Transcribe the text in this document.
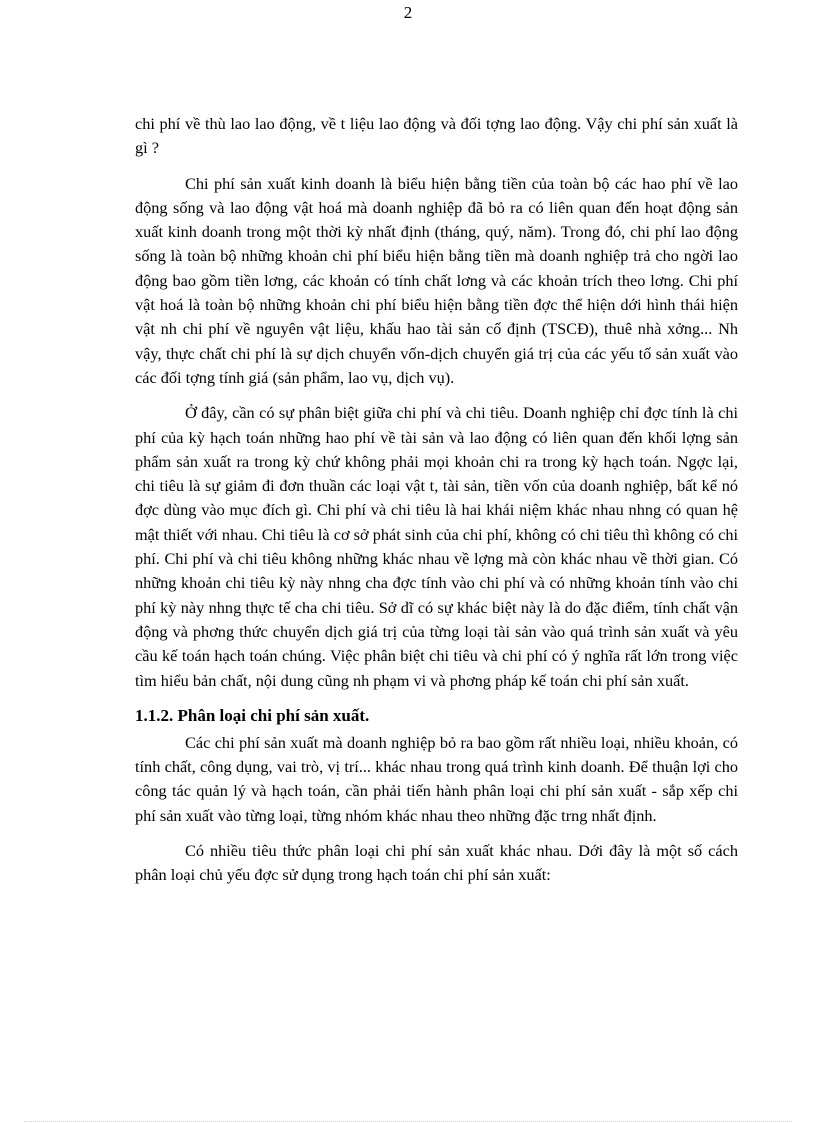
2

chi phí về thù lao lao động, về t liệu lao động và đối tợng lao động. Vậy chi phí sản xuất là gì ?

Chi phí sản xuất kinh doanh là biểu hiện bằng tiền của toàn bộ các hao phí về lao động sống và lao động vật hoá mà doanh nghiệp đã bỏ ra có liên quan đến hoạt động sản xuất kinh doanh trong một thời kỳ nhất định (tháng, quý, năm). Trong đó, chi phí lao động sống là toàn bộ những khoản chi phí biểu hiện bằng tiền mà doanh nghiệp trả cho ngời lao động bao gồm tiền lơng, các khoản có tính chất lơng và các khoản trích theo lơng. Chi phí vật hoá là toàn bộ những khoản chi phí biểu hiện bằng tiền đợc thể hiện dới hình thái hiện vật nh chi phí về nguyên vật liệu, khấu hao tài sản cố định (TSCĐ), thuê nhà xởng... Nh vậy, thực chất chi phí là sự dịch chuyển vốn-dịch chuyển giá trị của các yếu tố sản xuất vào các đối tợng tính giá (sản phẩm, lao vụ, dịch vụ).

Ở đây, cần có sự phân biệt giữa chi phí và chi tiêu. Doanh nghiệp chỉ đợc tính là chi phí của kỳ hạch toán những hao phí về tài sản và lao động có liên quan đến khối lợng sản phẩm sản xuất ra trong kỳ chứ không phải mọi khoản chi ra trong kỳ hạch toán. Ngợc lại, chi tiêu là sự giảm đi đơn thuần các loại vật t, tài sản, tiền vốn của doanh nghiệp, bất kể nó đợc dùng vào mục đích gì. Chi phí và chi tiêu là hai khái niệm khác nhau nhng có quan hệ mật thiết với nhau. Chi tiêu là cơ sở phát sinh của chi phí, không có chi tiêu thì không có chi phí. Chi phí và chi tiêu không những khác nhau về lợng mà còn khác nhau về thời gian. Có những khoản chi tiêu kỳ này nhng cha đợc tính vào chi phí và có những khoản tính vào chi phí kỳ này nhng thực tế cha chi tiêu. Sở dĩ có sự khác biệt này là do đặc điểm, tính chất vận động và phơng thức chuyển dịch giá trị của từng loại tài sản vào quá trình sản xuất và yêu cầu kế toán hạch toán chúng. Việc phân biệt chi tiêu và chi phí có ý nghĩa rất lớn trong việc tìm hiểu bản chất, nội dung cũng nh phạm vi và phơng pháp kế toán chi phí sản xuất.

1.1.2. Phân loại chi phí sản xuất.

Các chi phí sản xuất mà doanh nghiệp bỏ ra bao gồm rất nhiều loại, nhiều khoản, có tính chất, công dụng, vai trò, vị trí... khác nhau trong quá trình kinh doanh. Để thuận lợi cho công tác quản lý và hạch toán, cần phải tiến hành phân loại chi phí sản xuất - sắp xếp chi phí sản xuất vào từng loại, từng nhóm khác nhau theo những đặc trng nhất định.

Có nhiều tiêu thức phân loại chi phí sản xuất khác nhau. Dới đây là một số cách phân loại chủ yếu đợc sử dụng trong hạch toán chi phí sản xuất:
